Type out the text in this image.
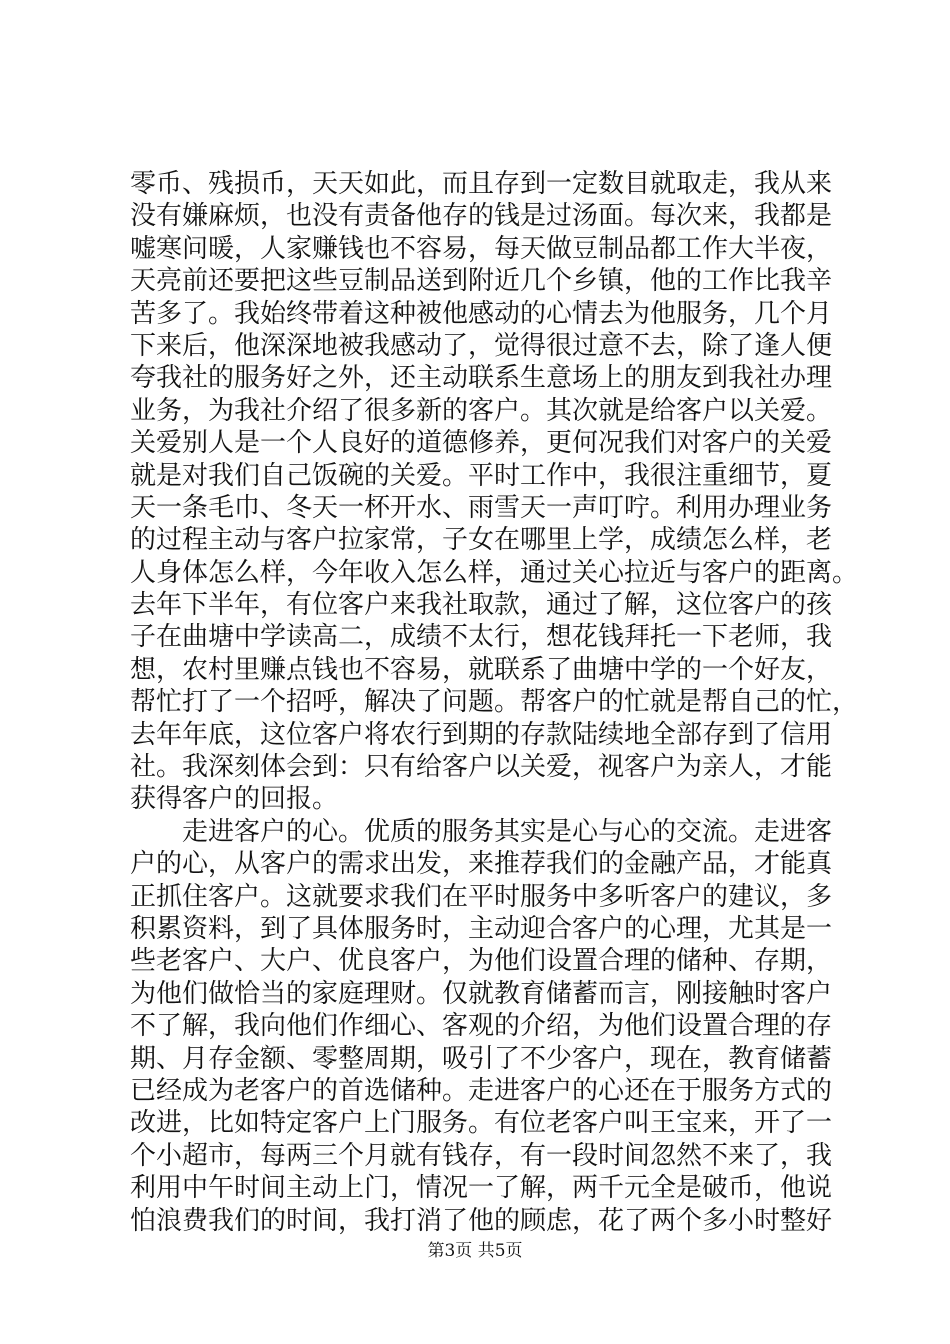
零币、残损币，天天如此，而且存到一定数目就取走，我从来
没有嫌麻烦，也没有责备他存的钱是过汤面。每次来，我都是
嘘寒问暖，人家赚钱也不容易，每天做豆制品都工作大半夜，
天亮前还要把这些豆制品送到附近几个乡镇，他的工作比我辛
苦多了。我始终带着这种被他感动的心情去为他服务，几个月
下来后，他深深地被我感动了，觉得很过意不去，除了逢人便
夸我社的服务好之外，还主动联系生意场上的朋友到我社办理
业务，为我社介绍了很多新的客户。其次就是给客户以关爱。
关爱别人是一个人良好的道德修养，更何况我们对客户的关爱
就是对我们自己饭碗的关爱。平时工作中，我很注重细节，夏
天一条毛巾、冬天一杯开水、雨雪天一声叮咛。利用办理业务
的过程主动与客户拉家常，子女在哪里上学，成绩怎么样，老
人身体怎么样，今年收入怎么样，通过关心拉近与客户的距离。
去年下半年，有位客户来我社取款，通过了解，这位客户的孩
子在曲塘中学读高二，成绩不太行，想花钱拜托一下老师，我
想，农村里赚点钱也不容易，就联系了曲塘中学的一个好友，
帮忙打了一个招呼，解决了问题。帮客户的忙就是帮自己的忙，
去年年底，这位客户将农行到期的存款陆续地全部存到了信用
社。我深刻体会到：只有给客户以关爱，视客户为亲人，才能
获得客户的回报。
　　走进客户的心。优质的服务其实是心与心的交流。走进客
户的心，从客户的需求出发，来推荐我们的金融产品，才能真
正抓住客户。这就要求我们在平时服务中多听客户的建议，多
积累资料，到了具体服务时，主动迎合客户的心理，尤其是一
些老客户、大户、优良客户，为他们设置合理的储种、存期，
为他们做恰当的家庭理财。仅就教育储蓄而言，刚接触时客户
不了解，我向他们作细心、客观的介绍，为他们设置合理的存
期、月存金额、零整周期，吸引了不少客户，现在，教育储蓄
已经成为老客户的首选储种。走进客户的心还在于服务方式的
改进，比如特定客户上门服务。有位老客户叫王宝来，开了一
个小超市，每两三个月就有钱存，有一段时间忽然不来了，我
利用中午时间主动上门，情况一了解，两千元全是破币，他说
怕浪费我们的时间，我打消了他的顾虑，花了两个多小时整好
第3页 共5页
